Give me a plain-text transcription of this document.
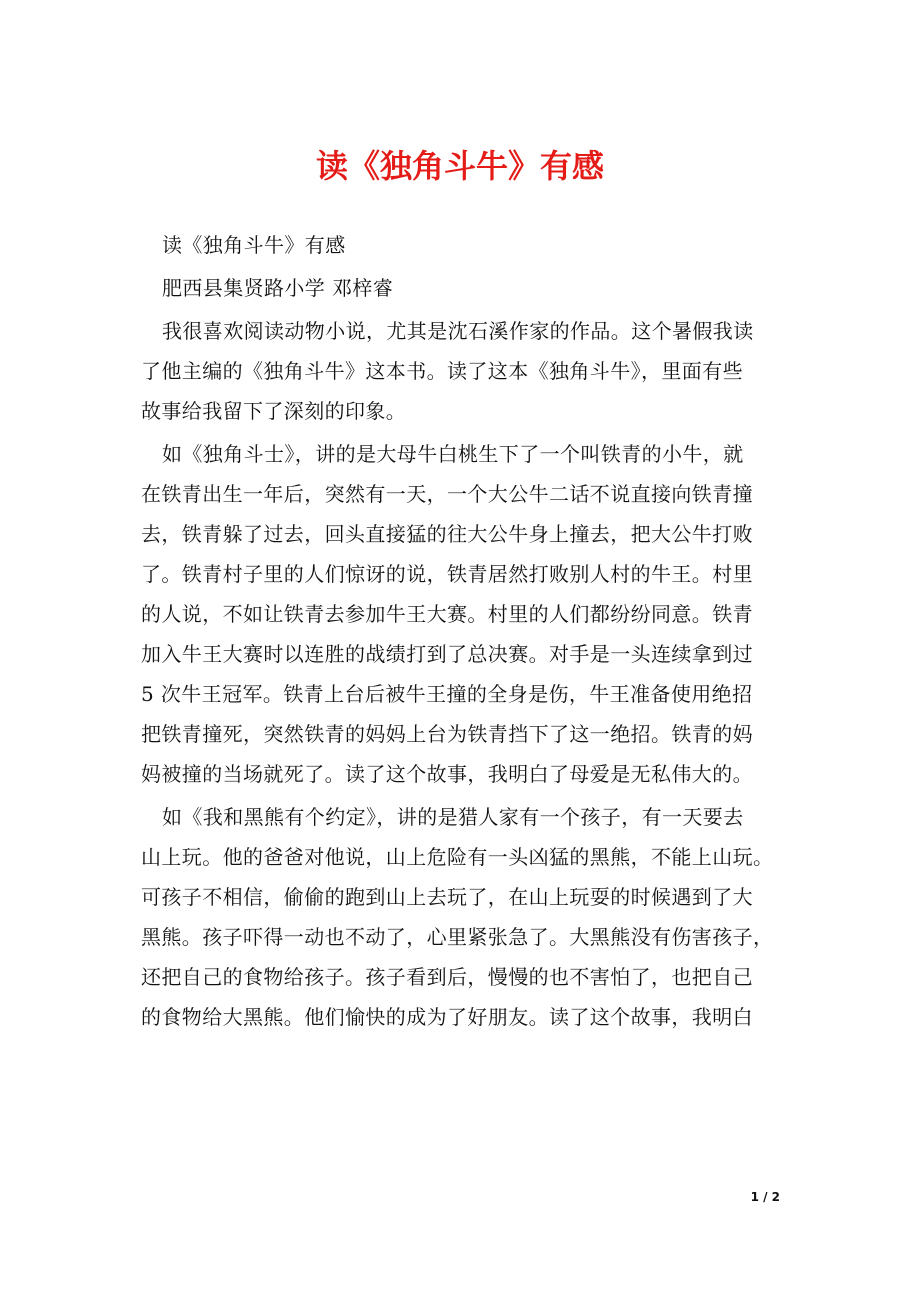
读《独角斗牛》有感

读《独角斗牛》有感

肥西县集贤路小学 邓梓睿

我很喜欢阅读动物小说，尤其是沈石溪作家的作品。这个暑假我读
了他主编的《独角斗牛》这本书。读了这本《独角斗牛》，里面有些
故事给我留下了深刻的印象。

如《独角斗士》，讲的是大母牛白桃生下了一个叫铁青的小牛，就
在铁青出生一年后，突然有一天，一个大公牛二话不说直接向铁青撞
去，铁青躲了过去，回头直接猛的往大公牛身上撞去，把大公牛打败
了。铁青村子里的人们惊讶的说，铁青居然打败别人村的牛王。村里
的人说，不如让铁青去参加牛王大赛。村里的人们都纷纷同意。铁青
加入牛王大赛时以连胜的战绩打到了总决赛。对手是一头连续拿到过
5 次牛王冠军。铁青上台后被牛王撞的全身是伤，牛王准备使用绝招
把铁青撞死，突然铁青的妈妈上台为铁青挡下了这一绝招。铁青的妈
妈被撞的当场就死了。读了这个故事，我明白了母爱是无私伟大的。

如《我和黑熊有个约定》，讲的是猎人家有一个孩子，有一天要去
山上玩。他的爸爸对他说，山上危险有一头凶猛的黑熊，不能上山玩。
可孩子不相信，偷偷的跑到山上去玩了，在山上玩耍的时候遇到了大
黑熊。孩子吓得一动也不动了，心里紧张急了。大黑熊没有伤害孩子，
还把自己的食物给孩子。孩子看到后，慢慢的也不害怕了，也把自己
的食物给大黑熊。他们愉快的成为了好朋友。读了这个故事，我明白

1 / 2
